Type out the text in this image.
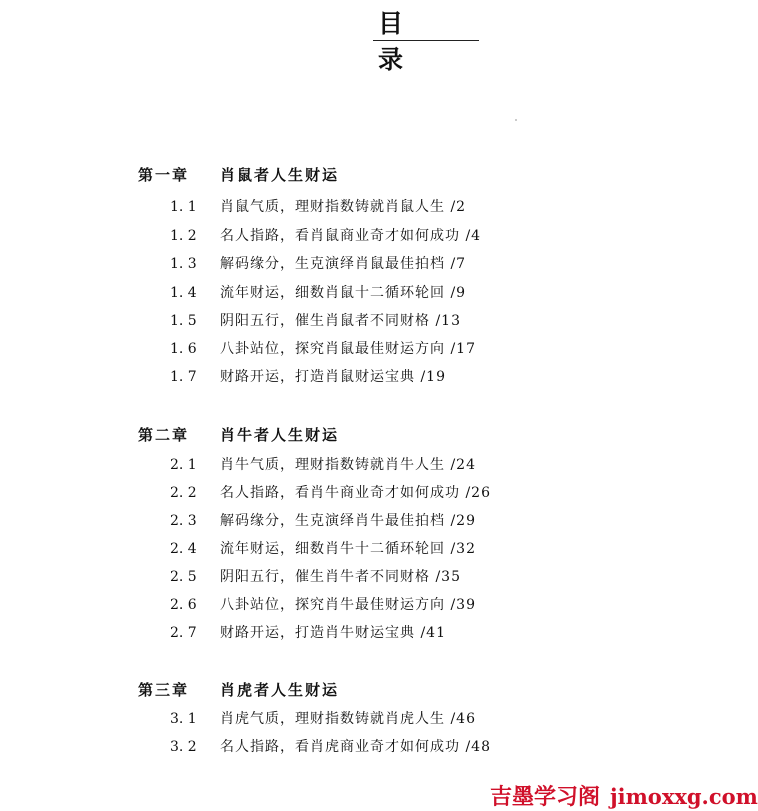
目　录
第一章 肖鼠者人生财运
1. 1 肖鼠气质，理财指数铸就肖鼠人生 /2
1. 2 名人指路，看肖鼠商业奇才如何成功 /4
1. 3 解码缘分，生克演绎肖鼠最佳拍档 /7
1. 4 流年财运，细数肖鼠十二循环轮回 /9
1. 5 阴阳五行，催生肖鼠者不同财格 /13
1. 6 八卦站位，探究肖鼠最佳财运方向 /17
1. 7 财路开运，打造肖鼠财运宝典 /19
第二章 肖牛者人生财运
2. 1 肖牛气质，理财指数铸就肖牛人生 /24
2. 2 名人指路，看肖牛商业奇才如何成功 /26
2. 3 解码缘分，生克演绎肖牛最佳拍档 /29
2. 4 流年财运，细数肖牛十二循环轮回 /32
2. 5 阴阳五行，催生肖牛者不同财格 /35
2. 6 八卦站位，探究肖牛最佳财运方向 /39
2. 7 财路开运，打造肖牛财运宝典 /41
第三章 肖虎者人生财运
3. 1 肖虎气质，理财指数铸就肖虎人生 /46
3. 2 名人指路，看肖虎商业奇才如何成功 /48
吉墨学习阁 jimoxxg.com
